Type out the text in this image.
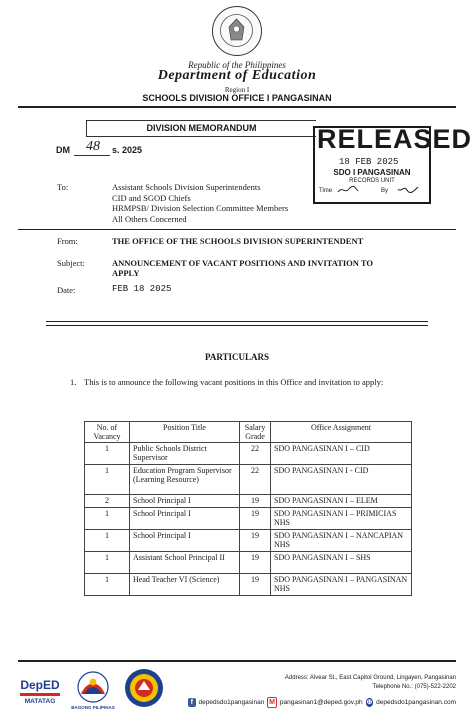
Republic of the Philippines
Department of Education
Region I
SCHOOLS DIVISION OFFICE I PANGASINAN
DIVISION MEMORANDUM	RELEASED
18 FEB 2025
SDO I PANGASINAN
RECORDS UNIT
Time	By
DM 48 s. 2025
To:	Assistant Schools Division Superintendents
CID and SGOD Chiefs
HRMPSB/ Division Selection Committee Members
All Others Concerned
From:	THE OFFICE OF THE SCHOOLS DIVISION SUPERINTENDENT
Subject:	ANNOUNCEMENT OF VACANT POSITIONS AND INVITATION TO APPLY
Date:	FEB 18 2025
PARTICULARS
1. This is to announce the following vacant positions in this Office and invitation to apply:
No. of Vacancy	Position Title	Salary Grade	Office Assignment
1	Public Schools District Supervisor	22	SDO PANGASINAN I – CID
1	Education Program Supervisor (Learning Resource)	22	SDO PANGASINAN I - CID
2	School Principal I	19	SDO PANGASINAN I – ELEM
1	School Principal I	19	SDO PANGASINAN I – PRIMICIAS NHS
1	School Principal I	19	SDO PANGASINAN I – NANCAPIAN NHS
1	Assistant School Principal II	19	SDO PANGASINAN I – SHS
1	Head Teacher VI (Science)	19	SDO PANGASINAN I – PANGASINAN NHS
DepED
MATATAG
BAGONG PILIPINAS
Address: Alvear St., East Capitol Ground, Lingayen, Pangasinan
Telephone No.: (075)-522-2202
f depedsdo1pangasinan M pangasinan1@deped.gov.ph ⊕ depedsdo1pangasinan.com
